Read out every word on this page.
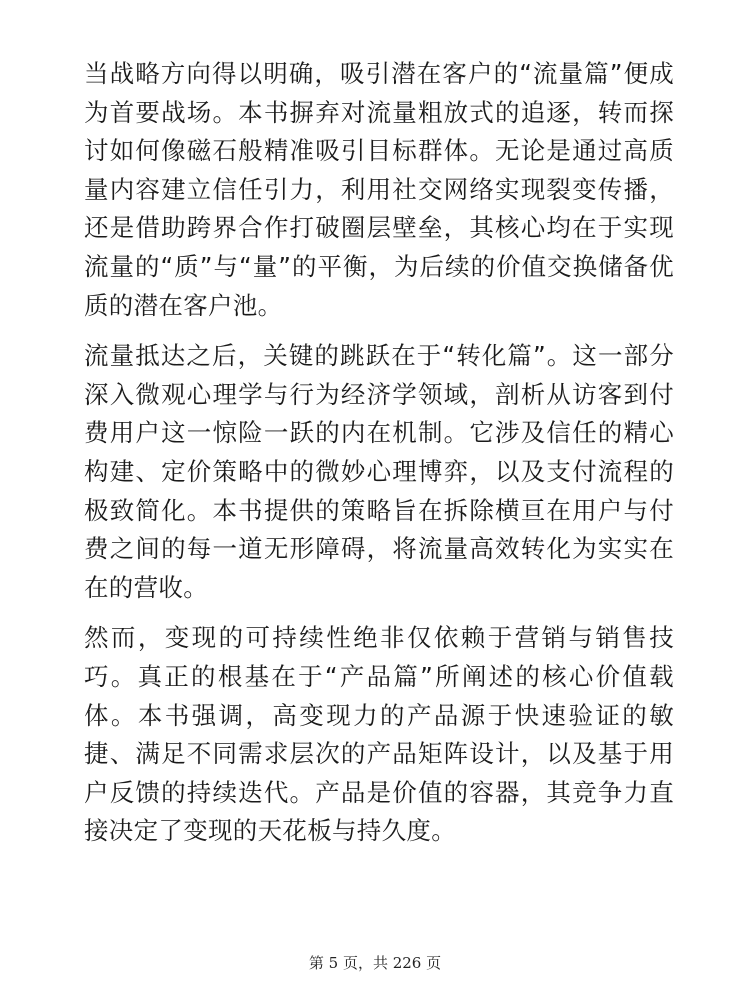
当战略方向得以明确，吸引潜在客户的“流量篇”便成为首要战场。本书摒弃对流量粗放式的追逐，转而探讨如何像磁石般精准吸引目标群体。无论是通过高质量内容建立信任引力，利用社交网络实现裂变传播，还是借助跨界合作打破圈层壁垒，其核心均在于实现流量的“质”与“量”的平衡，为后续的价值交换储备优质的潜在客户池。

流量抵达之后，关键的跳跃在于“转化篇”。这一部分深入微观心理学与行为经济学领域，剖析从访客到付费用户这一惊险一跃的内在机制。它涉及信任的精心构建、定价策略中的微妙心理博弈，以及支付流程的极致简化。本书提供的策略旨在拆除横亘在用户与付费之间的每一道无形障碍，将流量高效转化为实实在在的营收。

然而，变现的可持续性绝非仅依赖于营销与销售技巧。真正的根基在于“产品篇”所阐述的核心价值载体。本书强调，高变现力的产品源于快速验证的敏捷、满足不同需求层次的产品矩阵设计，以及基于用户反馈的持续迭代。产品是价值的容器，其竞争力直接决定了变现的天花板与持久度。

第 5 页，共 226 页
